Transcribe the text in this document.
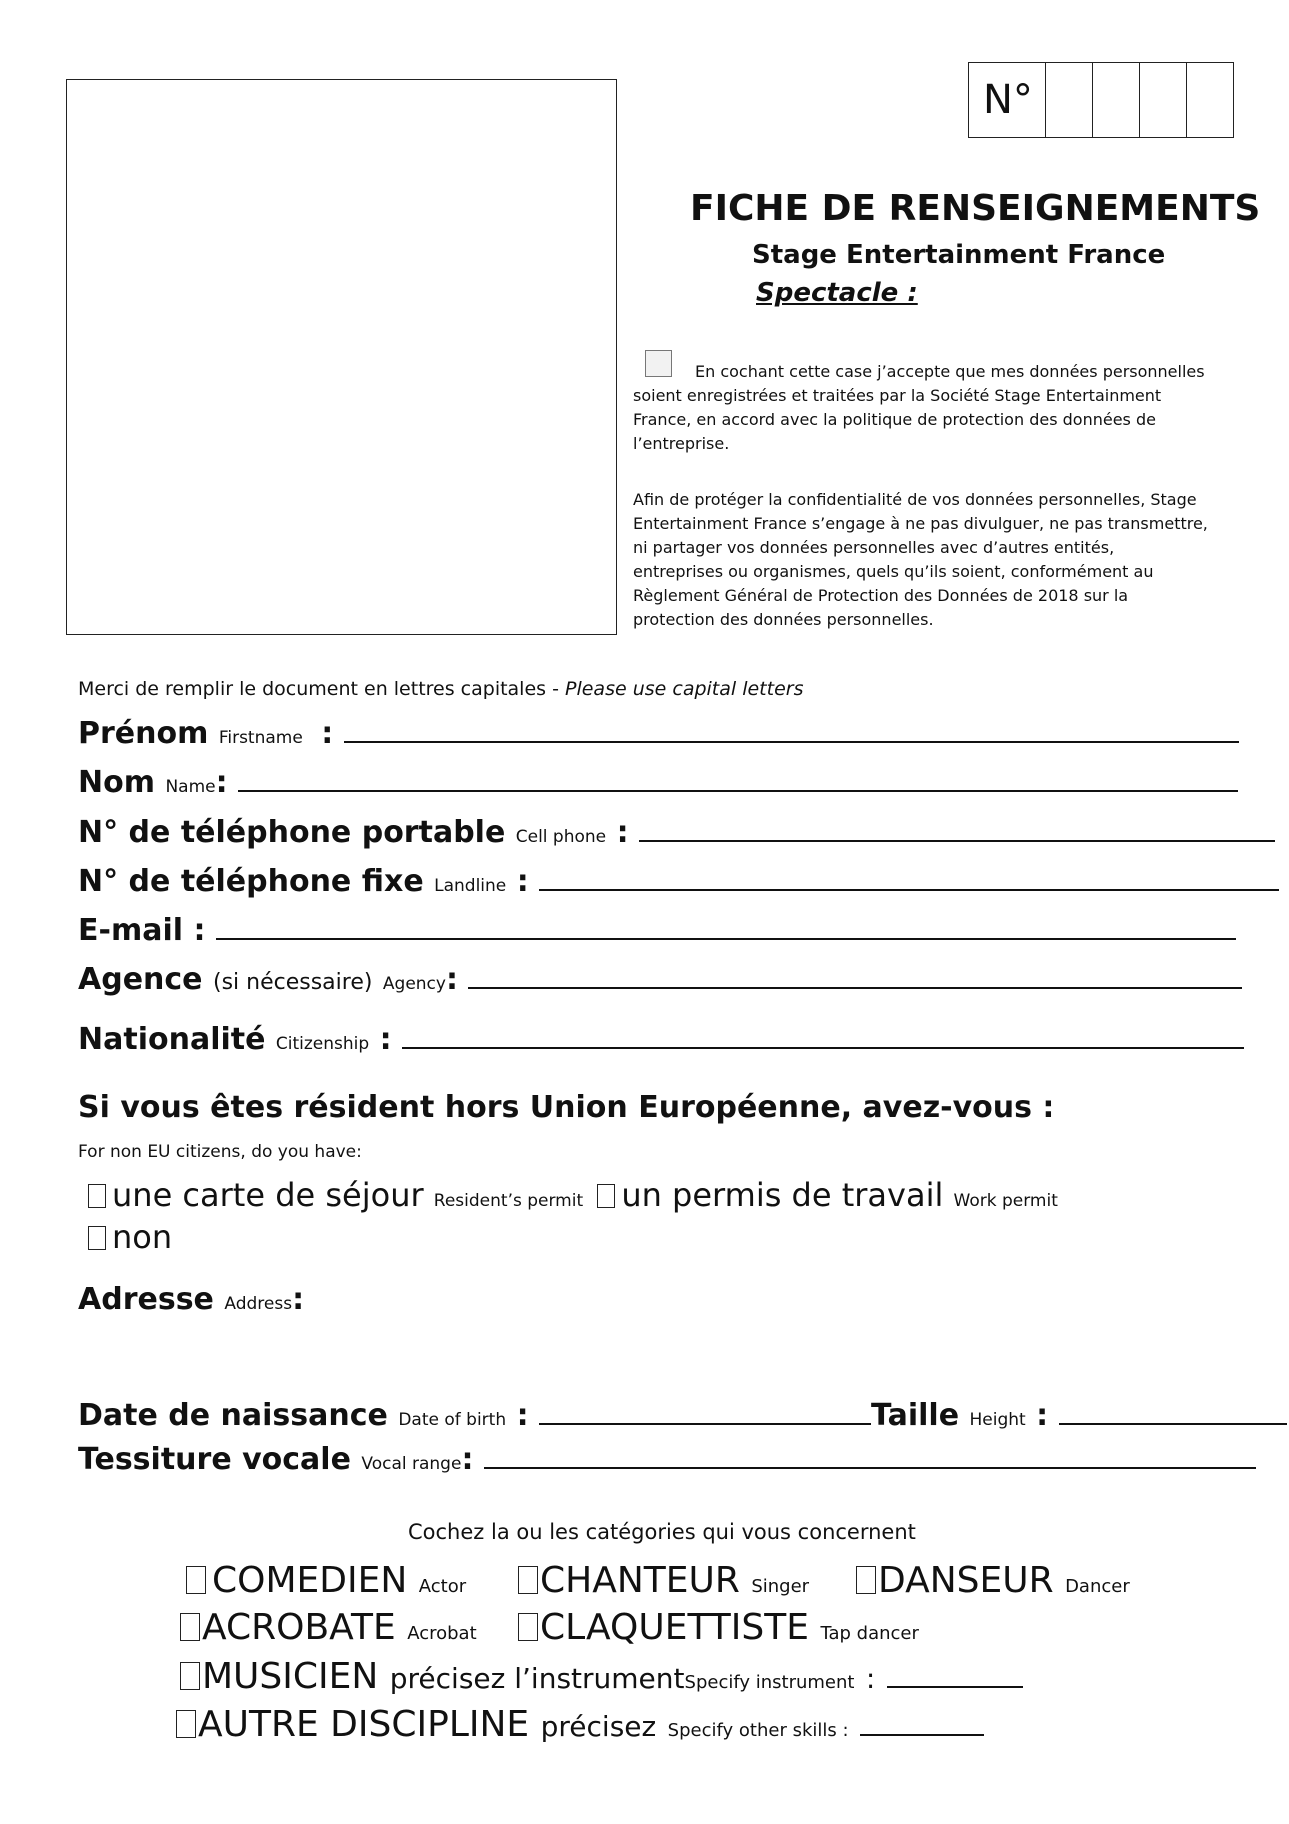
N°
FICHE DE RENSEIGNEMENTS
Stage Entertainment France
Spectacle :
En cochant cette case j’accepte que mes données personnelles
soient enregistrées et traitées par la Société Stage Entertainment
France, en accord avec la politique de protection des données de
l’entreprise.
Afin de protéger la confidentialité de vos données personnelles, Stage
Entertainment France s’engage à ne pas divulguer, ne pas transmettre,
ni partager vos données personnelles avec d’autres entités,
entreprises ou organismes, quels qu’ils soient, conformément au
Règlement Général de Protection des Données de 2018 sur la
protection des données personnelles.
Merci de remplir le document en lettres capitales - Please use capital letters
Prénom Firstname :
Nom Name:
N° de téléphone portable Cell phone :
N° de téléphone fixe Landline :
E-mail :
Agence (si nécessaire) Agency:
Nationalité Citizenship :
Si vous êtes résident hors Union Européenne, avez-vous :
For non EU citizens, do you have:
une carte de séjour Resident’s permit un permis de travail Work permit
non
Adresse Address:
Date de naissance Date of birth :	Taille Height :
Tessiture vocale Vocal range:
Cochez la ou les catégories qui vous concernent
COMEDIEN Actor	CHANTEUR Singer	DANSEUR Dancer
ACROBATE Acrobat	CLAQUETTISTE Tap dancer
MUSICIEN précisez l’instrumentSpecify instrument :
AUTRE DISCIPLINE précisez Specify other skills :
